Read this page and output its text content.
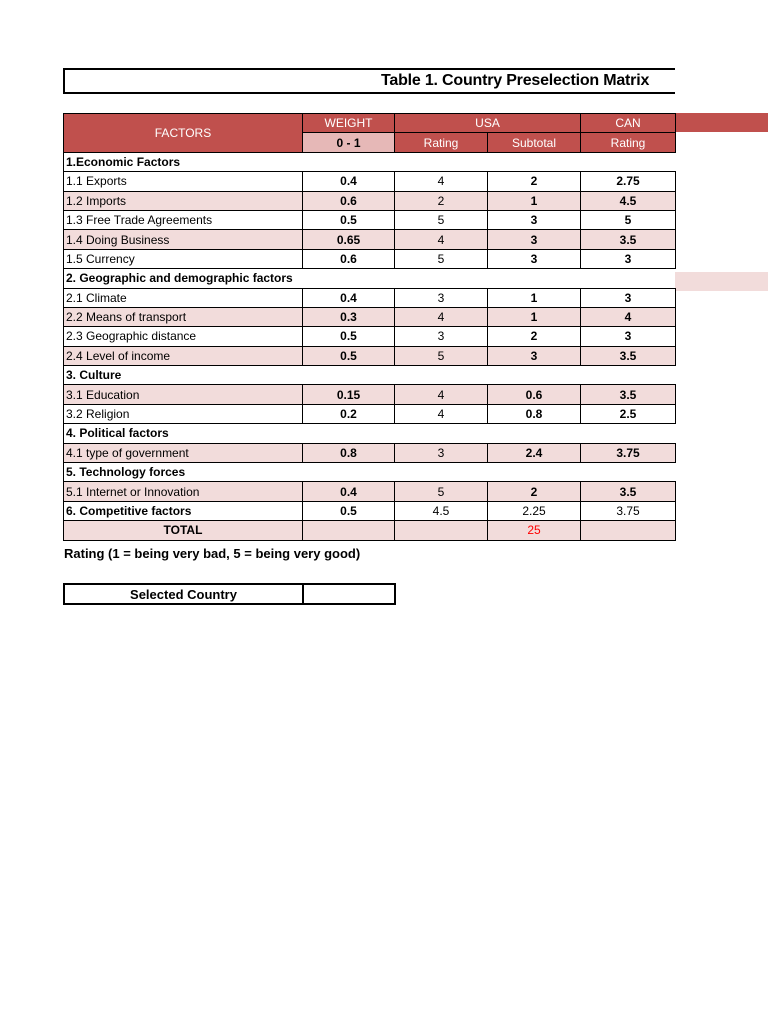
Table 1. Country Preselection Matrix
FACTORS	WEIGHT	USA		CAN
	0 - 1	Rating	Subtotal	Rating
1.Economic Factors				
1.1 Exports	0.4	4	2	2.75
1.2 Imports	0.6	2	1	4.5
1.3 Free Trade Agreements	0.5	5	3	5
1.4 Doing Business	0.65	4	3	3.5
1.5 Currency	0.6	5	3	3
2. Geographic and demographic factors				
2.1 Climate	0.4	3	1	3
2.2 Means of transport	0.3	4	1	4
2.3 Geographic distance	0.5	3	2	3
2.4 Level of income	0.5	5	3	3.5
3. Culture				
3.1 Education	0.15	4	0.6	3.5
3.2 Religion	0.2	4	0.8	2.5
4. Political factors				
4.1 type of government	0.8	3	2.4	3.75
5. Technology forces				
5.1 Internet or Innovation	0.4	5	2	3.5
6. Competitive factors	0.5	4.5	2.25	3.75
TOTAL			25	
Rating (1 = being very bad, 5 = being very good)
Selected Country	
